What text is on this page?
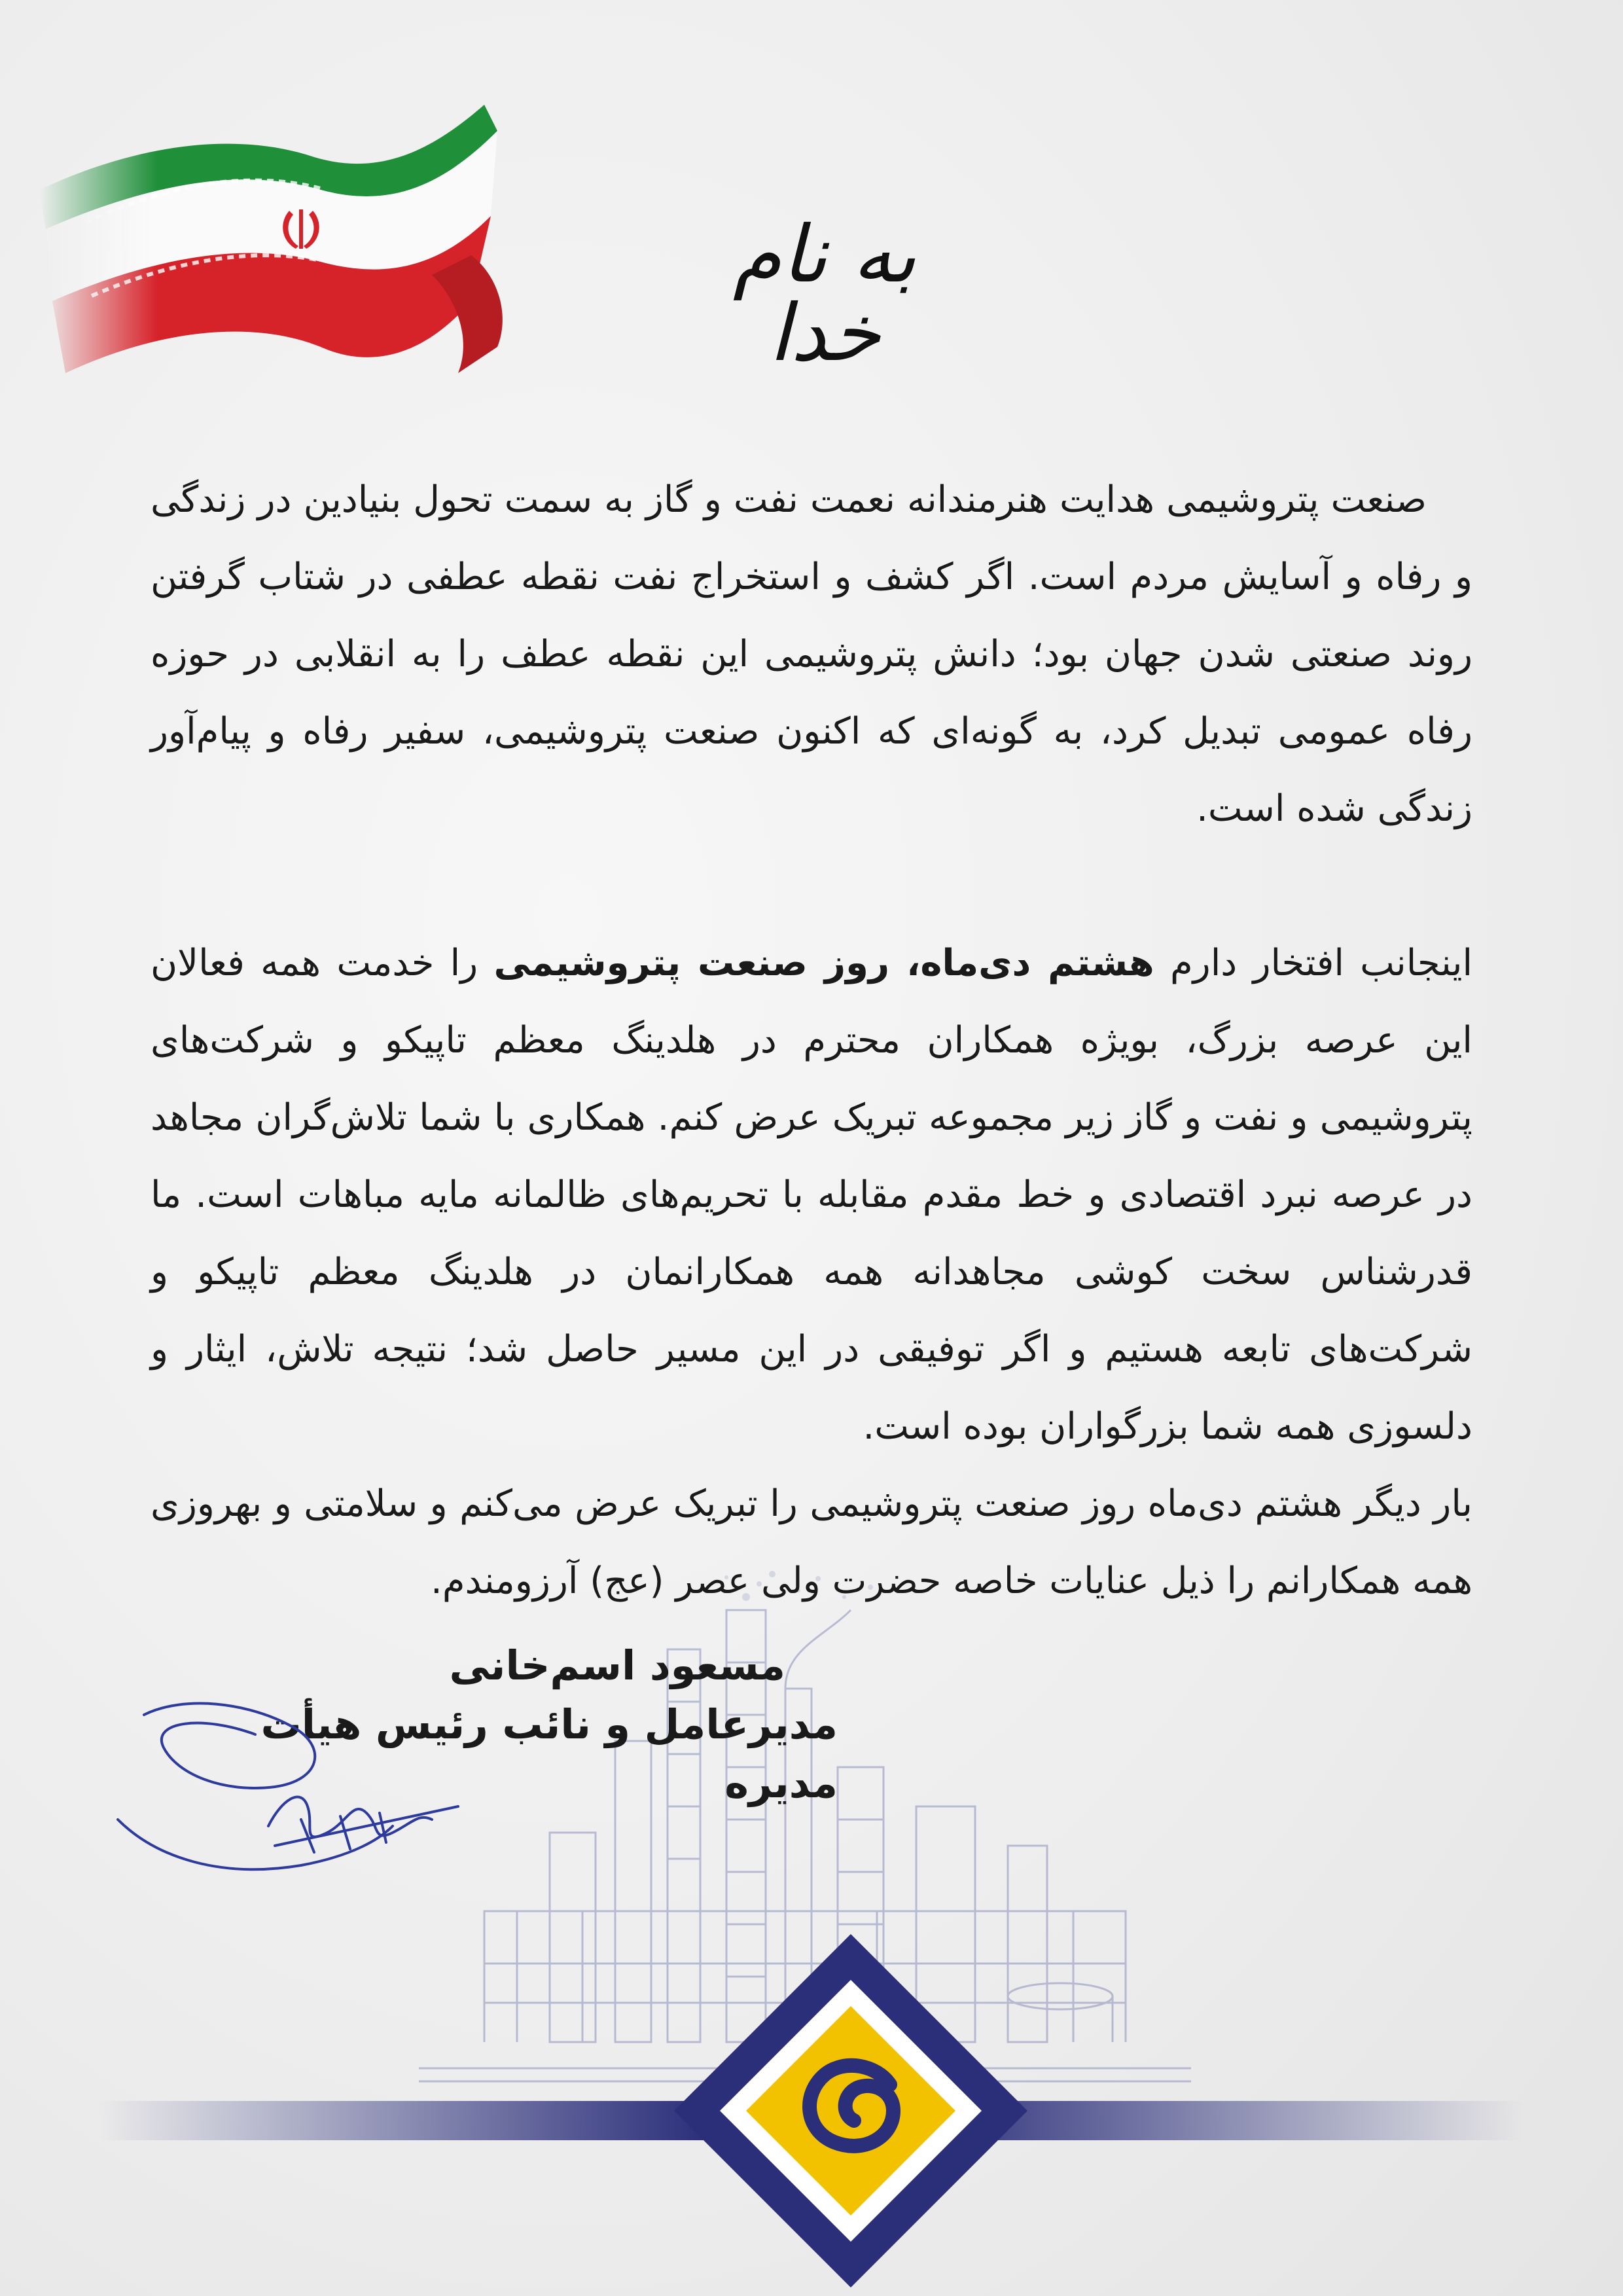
به نام خدا

صنعت پتروشیمی هدایت هنرمندانه نعمت نفت و گاز به سمت تحول بنیادین در زندگی و رفاه و آسایش مردم است. اگر کشف و استخراج نفت نقطه عطفی در شتاب گرفتن روند صنعتی شدن جهان بود؛ دانش پتروشیمی این نقطه عطف را به انقلابی در حوزه رفاه عمومی تبدیل کرد، به گونه‌ای که اکنون صنعت پتروشیمی، سفیر رفاه و پیام‌آور زندگی شده است.

اینجانب افتخار دارم هشتم دی‌ماه، روز صنعت پتروشیمی را خدمت همه فعالان این عرصه بزرگ، بویژه همکاران محترم در هلدینگ معظم تاپیکو و شرکت‌های پتروشیمی و نفت و گاز زیر مجموعه تبریک عرض کنم. همکاری با شما تلاش‌گران مجاهد در عرصه نبرد اقتصادی و خط مقدم مقابله با تحریم‌های ظالمانه مایه مباهات است. ما قدرشناس سخت کوشی مجاهدانه همه همکارانمان در هلدینگ معظم تاپیکو و شرکت‌های تابعه هستیم و اگر توفیقی در این مسیر حاصل شد؛ نتیجه تلاش، ایثار و دلسوزی همه شما بزرگواران بوده است.

بار دیگر هشتم دی‌ماه روز صنعت پتروشیمی را تبریک عرض می‌کنم و سلامتی و بهروزی همه همکارانم را ذیل عنایات خاصه حضرت ولی عصر (عج) آرزومندم.

مسعود اسم‌خانی
مدیرعامل و نائب رئیس هیأت مدیره
